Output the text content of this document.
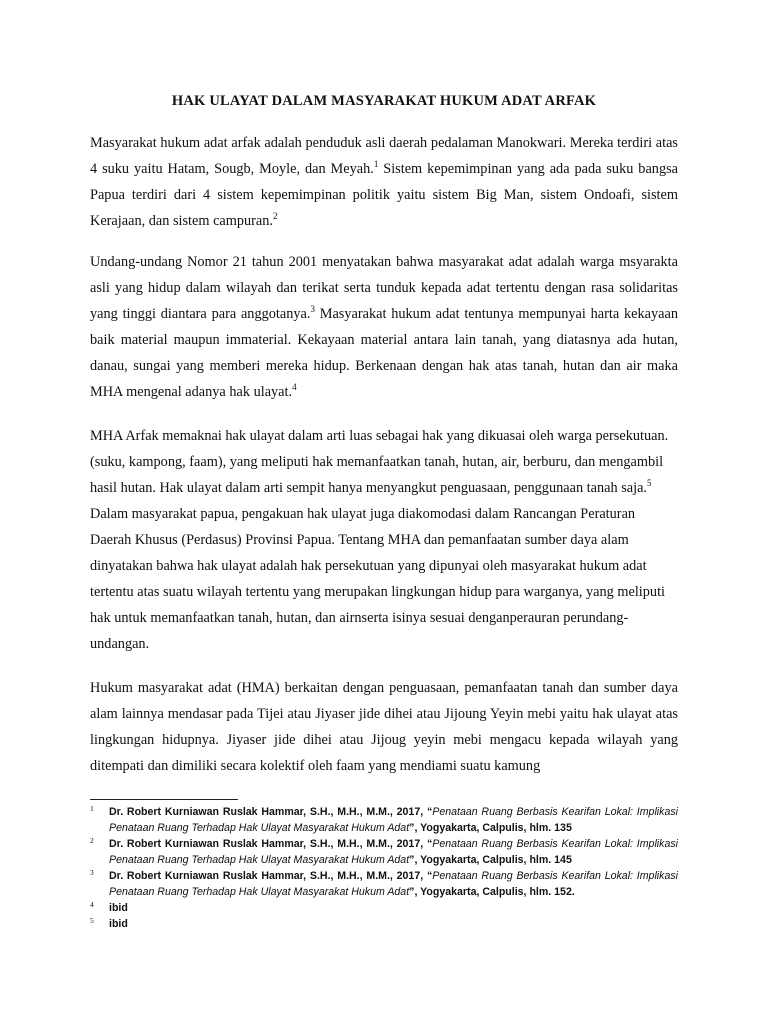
HAK ULAYAT DALAM MASYARAKAT HUKUM ADAT ARFAK

Masyarakat hukum adat arfak adalah penduduk asli daerah pedalaman Manokwari. Mereka terdiri atas 4 suku yaitu Hatam, Sougb, Moyle, dan Meyah.$^1$ Sistem kepemimpinan yang ada pada suku bangsa Papua terdiri dari 4 sistem kepemimpinan politik yaitu sistem Big Man, sistem Ondoafi, sistem Kerajaan, dan sistem campuran.$^2$

Undang-undang Nomor 21 tahun 2001 menyatakan bahwa masyarakat adat adalah warga msyarakta asli yang hidup dalam wilayah dan terikat serta tunduk kepada adat tertentu dengan rasa solidaritas yang tinggi diantara para anggotanya.$^3$ Masyarakat hukum adat tentunya mempunyai harta kekayaan baik material maupun immaterial. Kekayaan material antara lain tanah, yang diatasnya ada hutan, danau, sungai yang memberi mereka hidup. Berkenaan dengan hak atas tanah, hutan dan air maka MHA mengenal adanya hak ulayat.$^4$

MHA Arfak memaknai hak ulayat dalam arti luas sebagai hak yang dikuasai oleh warga persekutuan. (suku, kampong, faam), yang meliputi hak memanfaatkan tanah, hutan, air, berburu, dan mengambil hasil hutan. Hak ulayat dalam arti sempit hanya menyangkut penguasaan, penggunaan tanah saja.$^5$ Dalam masyarakat papua, pengakuan hak ulayat juga diakomodasi dalam Rancangan Peraturan Daerah Khusus (Perdasus) Provinsi Papua. Tentang MHA dan pemanfaatan sumber daya alam dinyatakan bahwa hak ulayat adalah hak persekutuan yang dipunyai oleh masyarakat hukum adat tertentu atas suatu wilayah tertentu yang merupakan lingkungan hidup para warganya, yang meliputi hak untuk memanfaatkan tanah, hutan, dan airnserta isinya sesuai denganperauran perundang-undangan.

Hukum masyarakat adat (HMA) berkaitan dengan penguasaan, pemanfaatan tanah dan sumber daya alam lainnya mendasar pada Tijei atau Jiyaser jide dihei atau Jijoung Yeyin mebi yaitu hak ulayat atas lingkungan hidupnya. Jiyaser jide dihei atau Jijoug yeyin mebi mengacu kepada wilayah yang ditempati dan dimiliki secara kolektif oleh faam yang mendiami suatu kamung

1 Dr. Robert Kurniawan Ruslak Hammar, S.H., M.H., M.M., 2017, “Penataan Ruang Berbasis Kearifan Lokal: Implikasi Penataan Ruang Terhadap Hak Ulayat Masyarakat Hukum Adat”, Yogyakarta, Calpulis, hlm. 135
2 Dr. Robert Kurniawan Ruslak Hammar, S.H., M.H., M.M., 2017, “Penataan Ruang Berbasis Kearifan Lokal: Implikasi Penataan Ruang Terhadap Hak Ulayat Masyarakat Hukum Adat”, Yogyakarta, Calpulis, hlm. 145
3 Dr. Robert Kurniawan Ruslak Hammar, S.H., M.H., M.M., 2017, “Penataan Ruang Berbasis Kearifan Lokal: Implikasi Penataan Ruang Terhadap Hak Ulayat Masyarakat Hukum Adat”, Yogyakarta, Calpulis, hlm. 152.
4 ibid
5 ibid
